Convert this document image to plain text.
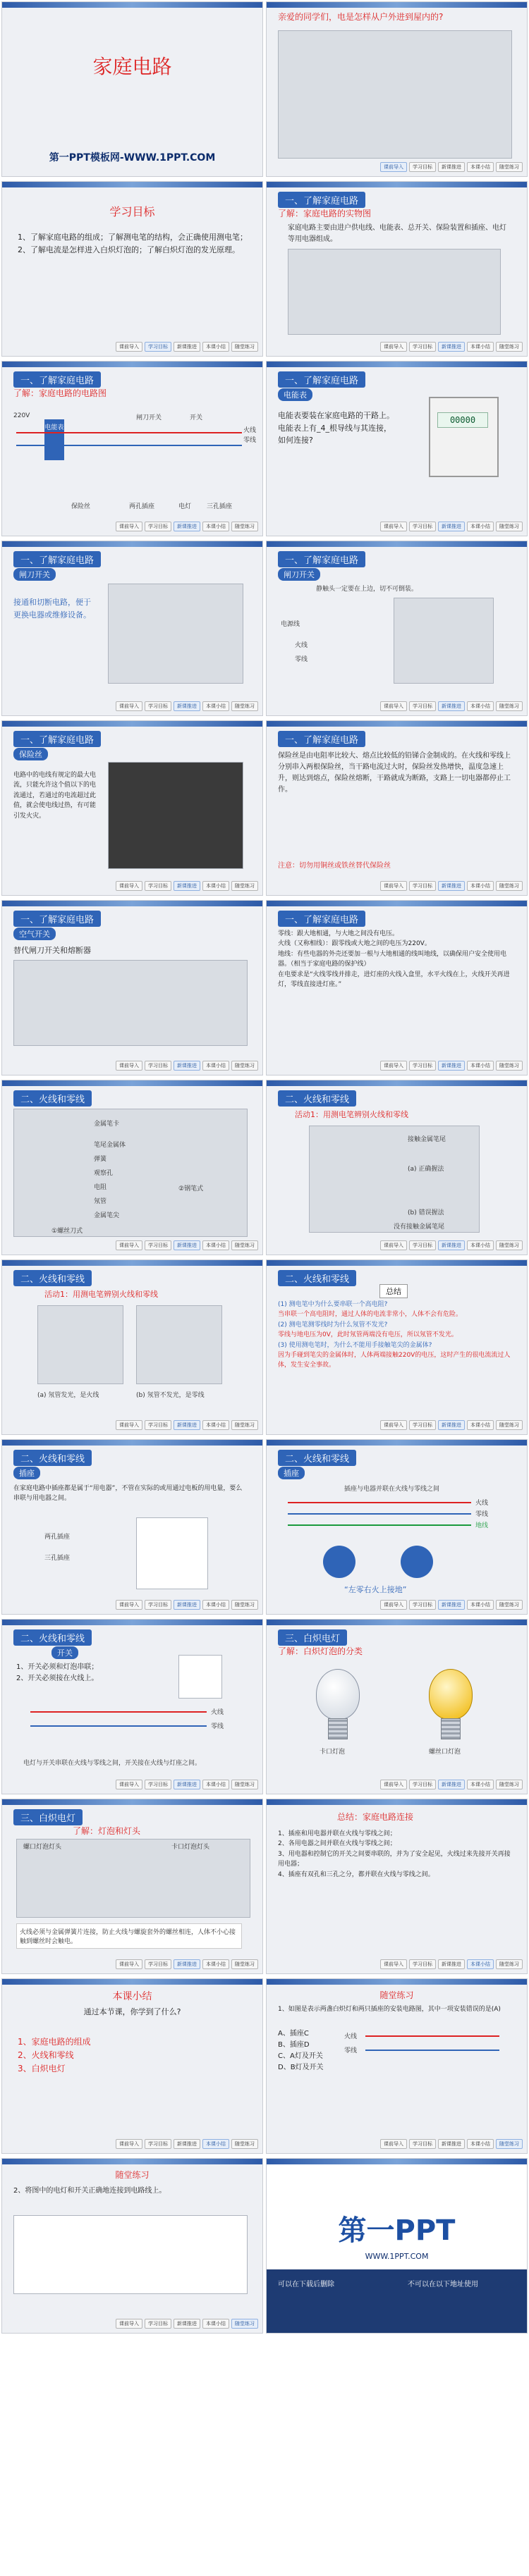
家庭电路
第一PPT模板网-WWW.1PPT.COM
亲爱的同学们，电是怎样从户外进到屋内的?
课前导入	学习目标	新课推进	本课小结	随堂练习
学习目标
1、了解家庭电路的组成；了解测电笔的结构，会正确使用测电笔；
2、了解电流是怎样进入白炽灯泡的；了解白炽灯泡的发光原理。
课前导入	学习目标	新课推进	本课小结	随堂练习
一、了解家庭电路
了解：家庭电路的实物图
家庭电路主要由进户供电线、电能表、总开关、保险装置和插座、电灯等用电器组成。
课前导入	学习目标	新课推进	本课小结	随堂练习
一、了解家庭电路
了解：家庭电路的电路图
220V
电能表
闸刀开关	开关
零线
火线
保险丝	两孔插座	电灯 三孔插座
课前导入	学习目标	新课推进	本课小结	随堂练习
一、了解家庭电路
电能表
电能表要装在家庭电路的干路上。电能表上有_4_根导线与其连接，如何连接?
00000
课前导入	学习目标	新课推进	本课小结	随堂练习
一、了解家庭电路
闸刀开关
接通和切断电路，便于更换电器或维修设备。
课前导入	学习目标	新课推进	本课小结	随堂练习
一、了解家庭电路
闸刀开关
静触头一定要在上边，切不可倒装。
火线
零线
电源线
课前导入	学习目标	新课推进	本课小结	随堂练习
一、了解家庭电路
保险丝
电路中的电线有规定的最大电流，只能允许这个值以下的电流通过，若通过的电流超过此值，就会使电线过热，有可能引发火灾。
课前导入	学习目标	新课推进	本课小结	随堂练习
一、了解家庭电路
保险丝是由电阻率比较大、熔点比较低的铅锑合金制成的。在火线和零线上分别串入两根保险丝，当干路电流过大时，保险丝发热增快，温度急速上升，则达到熔点，保险丝熔断，干路就成为断路，支路上一切电器都停止工作。
注意：切勿用铜丝或铁丝替代保险丝
课前导入	学习目标	新课推进	本课小结	随堂练习
一、了解家庭电路
空气开关
替代闸刀开关和熔断器
课前导入	学习目标	新课推进	本课小结	随堂练习
一、了解家庭电路
零线：跟大地相通，与大地之间没有电压。
火线（又称相线）：跟零线或大地之间的电压为220V。
地线：有些电器的外壳还要加一根与大地相通的线叫地线，以确保用户安全使用电器。（相当于家庭电路的保护线）
在电要求是“火线零线并排走，进灯座的火线入盒里，水平火线在上，火线开关再进灯，零线直接进灯座。”
课前导入	学习目标	新课推进	本课小结	随堂练习
二、火线和零线
金属笔卡
笔尾金属体
弹簧
观察孔
电阻
氖管
金属笔尖
①螺丝刀式
②钢笔式
课前导入	学习目标	新课推进	本课小结	随堂练习
二、火线和零线
活动1：用测电笔辨别火线和零线
接触金属笔尾
(a) 正确握法
(b) 错误握法
没有接触金属笔尾
课前导入	学习目标	新课推进	本课小结	随堂练习
二、火线和零线
活动1：用测电笔辨别火线和零线
(a) 氖管发光，是火线	(b) 氖管不发光，是零线
课前导入	学习目标	新课推进	本课小结	随堂练习
二、火线和零线
总结
(1) 测电笔中为什么要串联一个高电阻?
当串联一个高电阻时，通过人体的电流非常小，人体不会有危险。
(2) 测电笔测零线时为什么氖管不发光?
零线与地电压为0V，此时氖管两端没有电压，所以氖管不发光。
(3) 使用测电笔时，为什么不能用手接触笔尖的金属体?
因为手碰到笔尖的金属体时，人体两端接触220V的电压，这时产生的很电流流过人体，发生安全事故。
课前导入	学习目标	新课推进	本课小结	随堂练习
二、火线和零线
插座
在家庭电路中插座都是属于“用电器”，不管在实际的或用通过电板的用电量，要么串联与用电器之间。
两孔插座
三孔插座
课前导入	学习目标	新课推进	本课小结	随堂练习
二、火线和零线
插座
插座与电器并联在火线与零线之间
火线
零线
地线
“左零右火上接地”
课前导入	学习目标	新课推进	本课小结	随堂练习
二、火线和零线
开关
1、开关必须和灯泡串联；
2、开关必须接在火线上。
火线
零线
电灯与开关串联在火线与零线之间，开关接在火线与灯座之间。
课前导入	学习目标	新课推进	本课小结	随堂练习
三、白炽电灯
了解：白炽灯泡的分类
卡口灯泡	螺丝口灯泡
课前导入	学习目标	新课推进	本课小结	随堂练习
三、白炽电灯
了解：灯泡和灯头
螺口灯泡灯头	卡口灯泡灯头
火线必须与金属弹簧片连接，防止火线与螺旋套外的螺丝相连，人体不小心接触到螺丝时会触电。
课前导入	学习目标	新课推进	本课小结	随堂练习
总结：家庭电路连接
1、插座和用电器并联在火线与零线之间；
2、各用电器之间并联在火线与零线之间；
3、用电器和控制它的开关之间要串联的，并为了安全起见，火线过来先接开关再接用电器；
4、插座有双孔和三孔之分，都并联在火线与零线之间。
课前导入	学习目标	新课推进	本课小结	随堂练习
本课小结
通过本节课，你学到了什么?
1、家庭电路的组成
2、火线和零线
3、白炽电灯
课前导入	学习目标	新课推进	本课小结	随堂练习
随堂练习
1、如图是表示两盏白炽灯和两只插座的安装电路图，其中一项安装错误的是(A)
A、插座C
B、插座D
C、A灯及开关
D、B灯及开关
火线
零线
课前导入	学习目标	新课推进	本课小结	随堂练习
随堂练习
2、将图中的电灯和开关正确地连接到电路线上。
课前导入	学习目标	新课推进	本课小结	随堂练习
第一PPT
WWW.1PPT.COM
可以在下载后删除	不可以在以下地址使用
